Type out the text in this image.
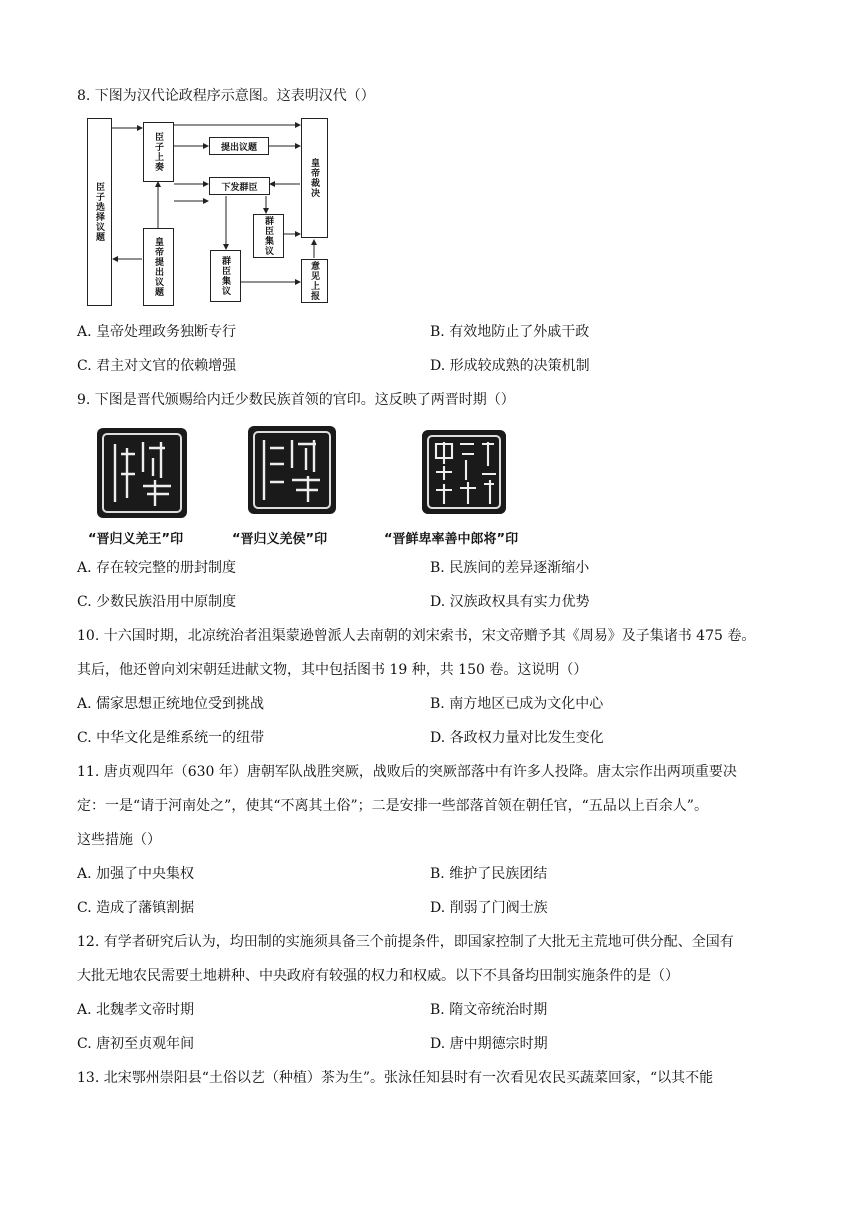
8. 下图为汉代论政程序示意图。这表明汉代（）
臣子选择议题
臣子上奏	提出议题
下发群臣	皇帝裁决
皇帝提出议题
群臣集议
群臣集议	意见上报
A. 皇帝处理政务独断专行	B. 有效地防止了外戚干政
C. 君主对文官的依赖增强	D. 形成较成熟的决策机制
9. 下图是晋代颁赐给内迁少数民族首领的官印。这反映了两晋时期（）
“晋归义羌王”印	“晋归义羌侯”印	“晋鲜卑率善中郎将”印
A. 存在较完整的册封制度	B. 民族间的差异逐渐缩小
C. 少数民族沿用中原制度	D. 汉族政权具有实力优势
10. 十六国时期，北凉统治者沮渠蒙逊曾派人去南朝的刘宋索书，宋文帝赠予其《周易》及子集诸书 475 卷。
其后，他还曾向刘宋朝廷进献文物，其中包括图书 19 种，共 150 卷。这说明（）
A. 儒家思想正统地位受到挑战	B. 南方地区已成为文化中心
C. 中华文化是维系统一的纽带	D. 各政权力量对比发生变化
11. 唐贞观四年（630 年）唐朝军队战胜突厥，战败后的突厥部落中有许多人投降。唐太宗作出两项重要决
定：一是“请于河南处之”，使其“不离其土俗”；二是安排一些部落首领在朝任官，“五品以上百余人”。
这些措施（）
A. 加强了中央集权	B. 维护了民族团结
C. 造成了藩镇割据	D. 削弱了门阀士族
12. 有学者研究后认为，均田制的实施须具备三个前提条件，即国家控制了大批无主荒地可供分配、全国有
大批无地农民需要土地耕种、中央政府有较强的权力和权威。以下不具备均田制实施条件的是（）
A. 北魏孝文帝时期	B. 隋文帝统治时期
C. 唐初至贞观年间	D. 唐中期德宗时期
13. 北宋鄂州崇阳县“土俗以艺（种植）茶为生”。张泳任知县时有一次看见农民买蔬菜回家，“以其不能
